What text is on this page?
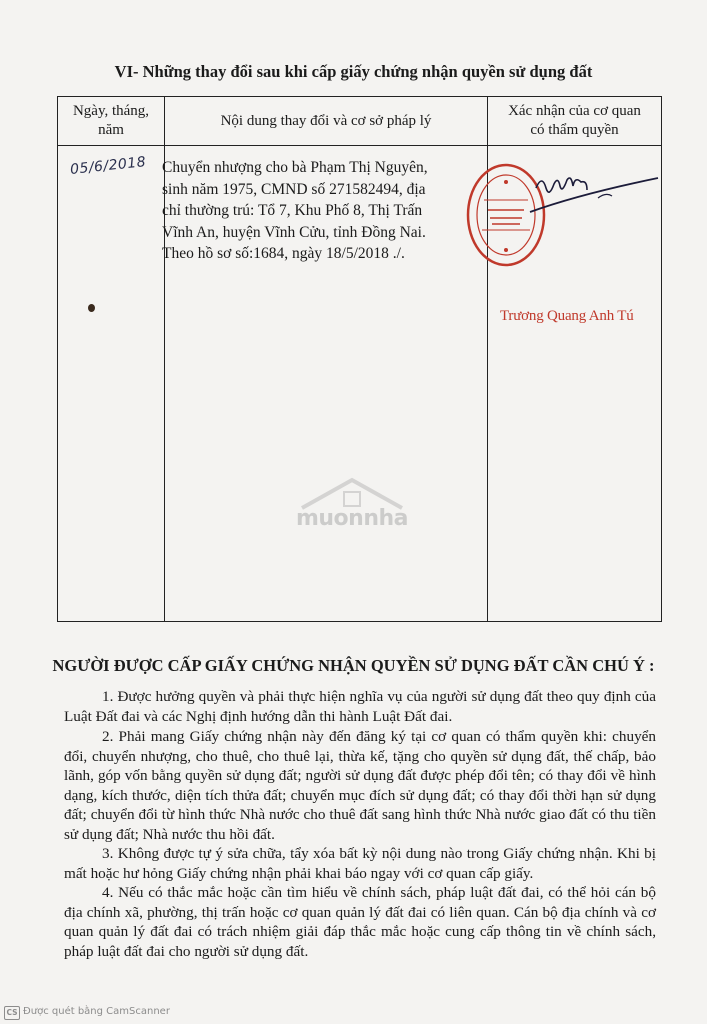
VI- Những thay đổi sau khi cấp giấy chứng nhận quyền sử dụng đất
Ngày, tháng,
năm	Nội dung thay đổi và cơ sở pháp lý	Xác nhận của cơ quan
có thẩm quyền

05/6/2018	Chuyển nhượng cho bà Phạm Thị Nguyên,
sinh năm 1975, CMND số 271582494, địa
chỉ thường trú: Tổ 7, Khu Phố 8, Thị Trấn
Vĩnh An, huyện Vĩnh Cửu, tỉnh Đồng Nai.
Theo hồ sơ số:1684, ngày 18/5/2018 ./.	Trương Quang Anh Tú
muonnha
NGƯỜI ĐƯỢC CẤP GIẤY CHỨNG NHẬN QUYỀN SỬ DỤNG ĐẤT CẦN CHÚ Ý :
1. Được hưởng quyền và phải thực hiện nghĩa vụ của người sử dụng đất theo quy định của Luật Đất đai và các Nghị định hướng dẫn thi hành Luật Đất đai.
2. Phải mang Giấy chứng nhận này đến đăng ký tại cơ quan có thẩm quyền khi: chuyển đổi, chuyển nhượng, cho thuê, cho thuê lại, thừa kế, tặng cho quyền sử dụng đất, thế chấp, bảo lãnh, góp vốn bằng quyền sử dụng đất; người sử dụng đất được phép đổi tên; có thay đổi về hình dạng, kích thước, diện tích thửa đất; chuyển mục đích sử dụng đất; có thay đổi thời hạn sử dụng đất; chuyển đổi từ hình thức Nhà nước cho thuê đất sang hình thức Nhà nước giao đất có thu tiền sử dụng đất; Nhà nước thu hồi đất.
3. Không được tự ý sửa chữa, tẩy xóa bất kỳ nội dung nào trong Giấy chứng nhận. Khi bị mất hoặc hư hỏng Giấy chứng nhận phải khai báo ngay với cơ quan cấp giấy.
4. Nếu có thắc mắc hoặc cần tìm hiểu về chính sách, pháp luật đất đai, có thể hỏi cán bộ địa chính xã, phường, thị trấn hoặc cơ quan quản lý đất đai có liên quan. Cán bộ địa chính và cơ quan quản lý đất đai có trách nhiệm giải đáp thắc mắc hoặc cung cấp thông tin về chính sách, pháp luật đất đai cho người sử dụng đất.
CS Được quét bằng CamScanner
